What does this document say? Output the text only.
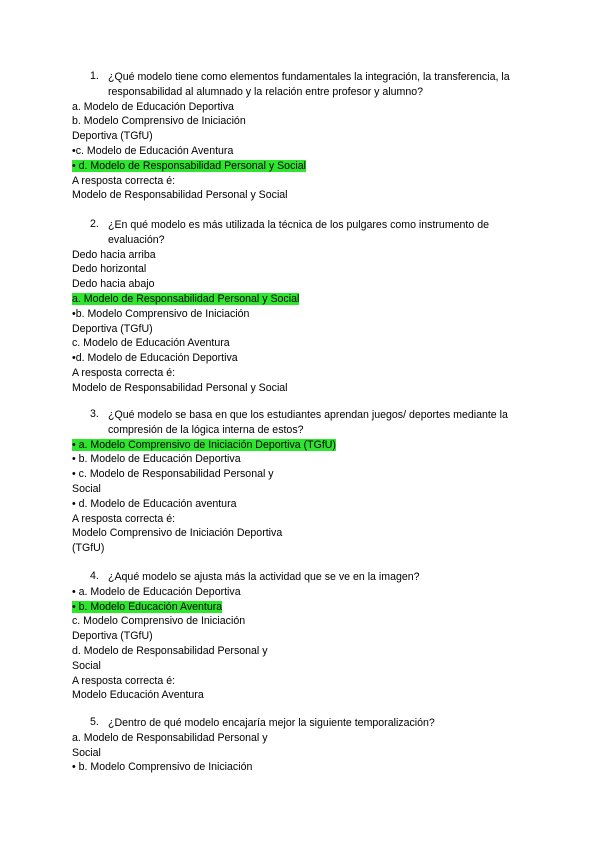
1. ¿Qué modelo tiene como elementos fundamentales la integración, la transferencia, la responsabilidad al alumnado y la relación entre profesor y alumno?
a. Modelo de Educación Deportiva
b. Modelo Comprensivo de Iniciación
Deportiva (TGfU)
•c. Modelo de Educación Aventura
• d. Modelo de Responsabilidad Personal y Social
A resposta correcta é:
Modelo de Responsabilidad Personal y Social
2. ¿En qué modelo es más utilizada la técnica de los pulgares como instrumento de evaluación?
Dedo hacia arriba
Dedo horizontal
Dedo hacia abajo
a. Modelo de Responsabilidad Personal y Social
•b. Modelo Comprensivo de Iniciación
Deportiva (TGfU)
c. Modelo de Educación Aventura
•d. Modelo de Educación Deportiva
A resposta correcta é:
Modelo de Responsabilidad Personal y Social
3. ¿Qué modelo se basa en que los estudiantes aprendan juegos/ deportes mediante la compresión de la lógica interna de estos?
• a. Modelo Comprensivo de Iniciación Deportiva (TGfU)
• b. Modelo de Educación Deportiva
• c. Modelo de Responsabilidad Personal y
Social
• d. Modelo de Educación aventura
A resposta correcta é:
Modelo Comprensivo de Iniciación Deportiva
(TGfU)
4. ¿Aqué modelo se ajusta más la actividad que se ve en la imagen?
• a. Modelo de Educación Deportiva
• b. Modelo Educación Aventura
c. Modelo Comprensivo de Iniciación
Deportiva (TGfU)
d. Modelo de Responsabilidad Personal y
Social
A resposta correcta é:
Modelo Educación Aventura
5. ¿Dentro de qué modelo encajaría mejor la siguiente temporalización?
a. Modelo de Responsabilidad Personal y
Social
• b. Modelo Comprensivo de Iniciación
